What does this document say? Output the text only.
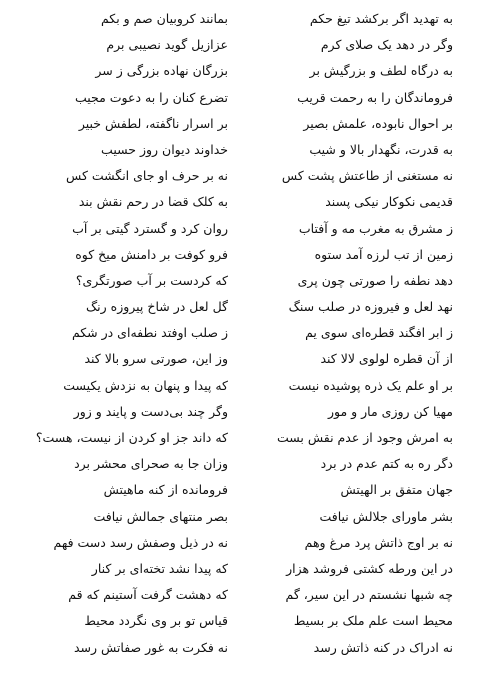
به تهدید اگر برکشد تیغ حکم
بمانند کروبیان صم و بکم
وگر در دهد یک صلای کرم
عزازیل گوید نصیبی برم
به درگاه لطف و بزرگیش بر
بزرگان نهاده بزرگی ز سر
فروماندگان را به رحمت قریب
تضرع کنان را به دعوت مجیب
بر احوال نابوده، علمش بصیر
بر اسرار ناگفته، لطفش خبیر
به قدرت، نگهدار بالا و شیب
خداوند دیوان روز حسیب
نه مستغنی از طاعتش پشت کس
نه بر حرف او جای انگشت کس
قدیمی نکوکار نیکی پسند
به کلک قضا در رحم نقش بند
ز مشرق به مغرب مه و آفتاب
روان کرد و گسترد گیتی بر آب
زمین از تب لرزه آمد ستوه
فرو کوفت بر دامنش میخ کوه
دهد نطفه را صورتی چون پری
که کردست بر آب صورتگری؟
نهد لعل و فیروزه در صلب سنگ
گل لعل در شاخ پیروزه رنگ
ز ابر افگند قطره‌ای سوی یم
ز صلب اوفتد نطفه‌ای در شکم
از آن قطره لولوی لالا کند
وز این، صورتی سرو بالا کند
بر او علم یک ذره پوشیده نیست
که پیدا و پنهان به نزدش یکیست
مهیا کن روزی مار و مور
وگر چند بی‌دست و پایند و زور
به امرش وجود از عدم نقش بست
که داند جز او کردن از نیست، هست؟
دگر ره به کتم عدم در برد
وزان جا به صحرای محشر برد
جهان متفق بر الهیتش
فرومانده از کنه ماهیتش
بشر ماورای جلالش نیافت
بصر منتهای جمالش نیافت
نه بر اوج ذاتش پرد مرغ وهم
نه در ذیل وصفش رسد دست فهم
در این ورطه کشتی فروشد هزار
که پیدا نشد تخته‌ای بر کنار
چه شبها نشستم در این سیر، گم
که دهشت گرفت آستینم که قم
محیط است علم ملک بر بسیط
قیاس تو بر وی نگردد محیط
نه ادراک در کنه ذاتش رسد
نه فکرت به غور صفاتش رسد
